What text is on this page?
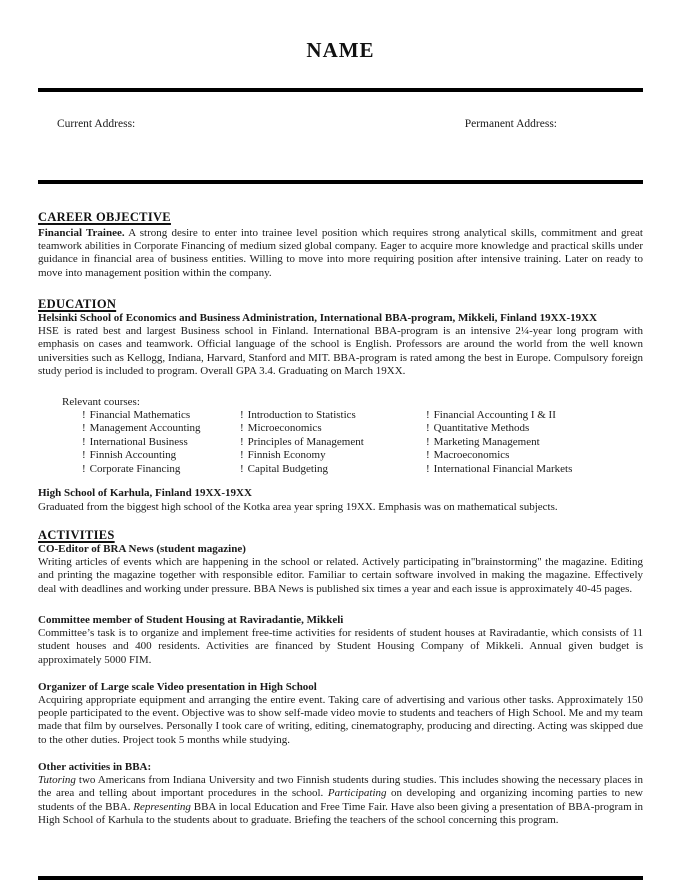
NAME
Current Address:	Permanent Address:
CAREER OBJECTIVE

Financial Trainee. A strong desire to enter into trainee level position which requires strong analytical skills, commitment and great teamwork abilities in Corporate Financing of medium sized global company. Eager to acquire more knowledge and practical skills under guidance in financial area of business entities. Willing to move into more requiring position after intensive training. Later on ready to move into management position within the company.

EDUCATION

Helsinki School of Economics and Business Administration, International BBA-program, Mikkeli, Finland 19XX-19XX

HSE is rated best and largest Business school in Finland. International BBA-program is an intensive 2¼-year long program with emphasis on cases and teamwork. Official language of the school is English. Professors are around the world from the well known universities such as Kellogg, Indiana, Harvard, Stanford and MIT. BBA-program is rated among the best in Europe. Compulsory foreign study period is included to program. Overall GPA 3.4. Graduating on March 19XX.

Relevant courses:

! Financial Mathematics	! Introduction to Statistics	! Financial Accounting I & II
! Management Accounting	! Microeconomics	! Quantitative Methods
! International Business	! Principles of Management	! Marketing Management
! Finnish Accounting	! Finnish Economy	! Macroeconomics
! Corporate Financing	! Capital Budgeting	! International Financial Markets

High School of Karhula, Finland 19XX-19XX

Graduated from the biggest high school of the Kotka area year spring 19XX. Emphasis was on mathematical subjects.

ACTIVITIES

CO-Editor of BRA News (student magazine)

Writing articles of events which are happening in the school or related. Actively participating in"brainstorming" the magazine. Editing and printing the magazine together with responsible editor. Familiar to certain software involved in making the magazine. Effectively deal with deadlines and working under pressure. BBA News is published six times a year and each issue is approximately 40-45 pages.

Committee member of Student Housing at Raviradantie, Mikkeli

Committee’s task is to organize and implement free-time activities for residents of student houses at Raviradantie, which consists of 11 student houses and 400 residents. Activities are financed by Student Housing Company of Mikkeli. Annual given budget is approximately 5000 FIM.

Organizer of Large scale Video presentation in High School

Acquiring appropriate equipment and arranging the entire event. Taking care of advertising and various other tasks. Approximately 150 people participated to the event. Objective was to show self-made video movie to students and teachers of High School. Me and my team made that film by ourselves. Personally I took care of writing, editing, cinematography, producing and directing. Acting was skipped due to the other duties. Project took 5 months while studying.

Other activities in BBA:

Tutoring two Americans from Indiana University and two Finnish students during studies. This includes showing the necessary places in the area and telling about important procedures in the school. Participating on developing and organizing incoming parties to new students of the BBA. Representing BBA in local Education and Free Time Fair. Have also been giving a presentation of BBA-program in High School of Karhula to the students about to graduate. Briefing the teachers of the school concerning this program.
